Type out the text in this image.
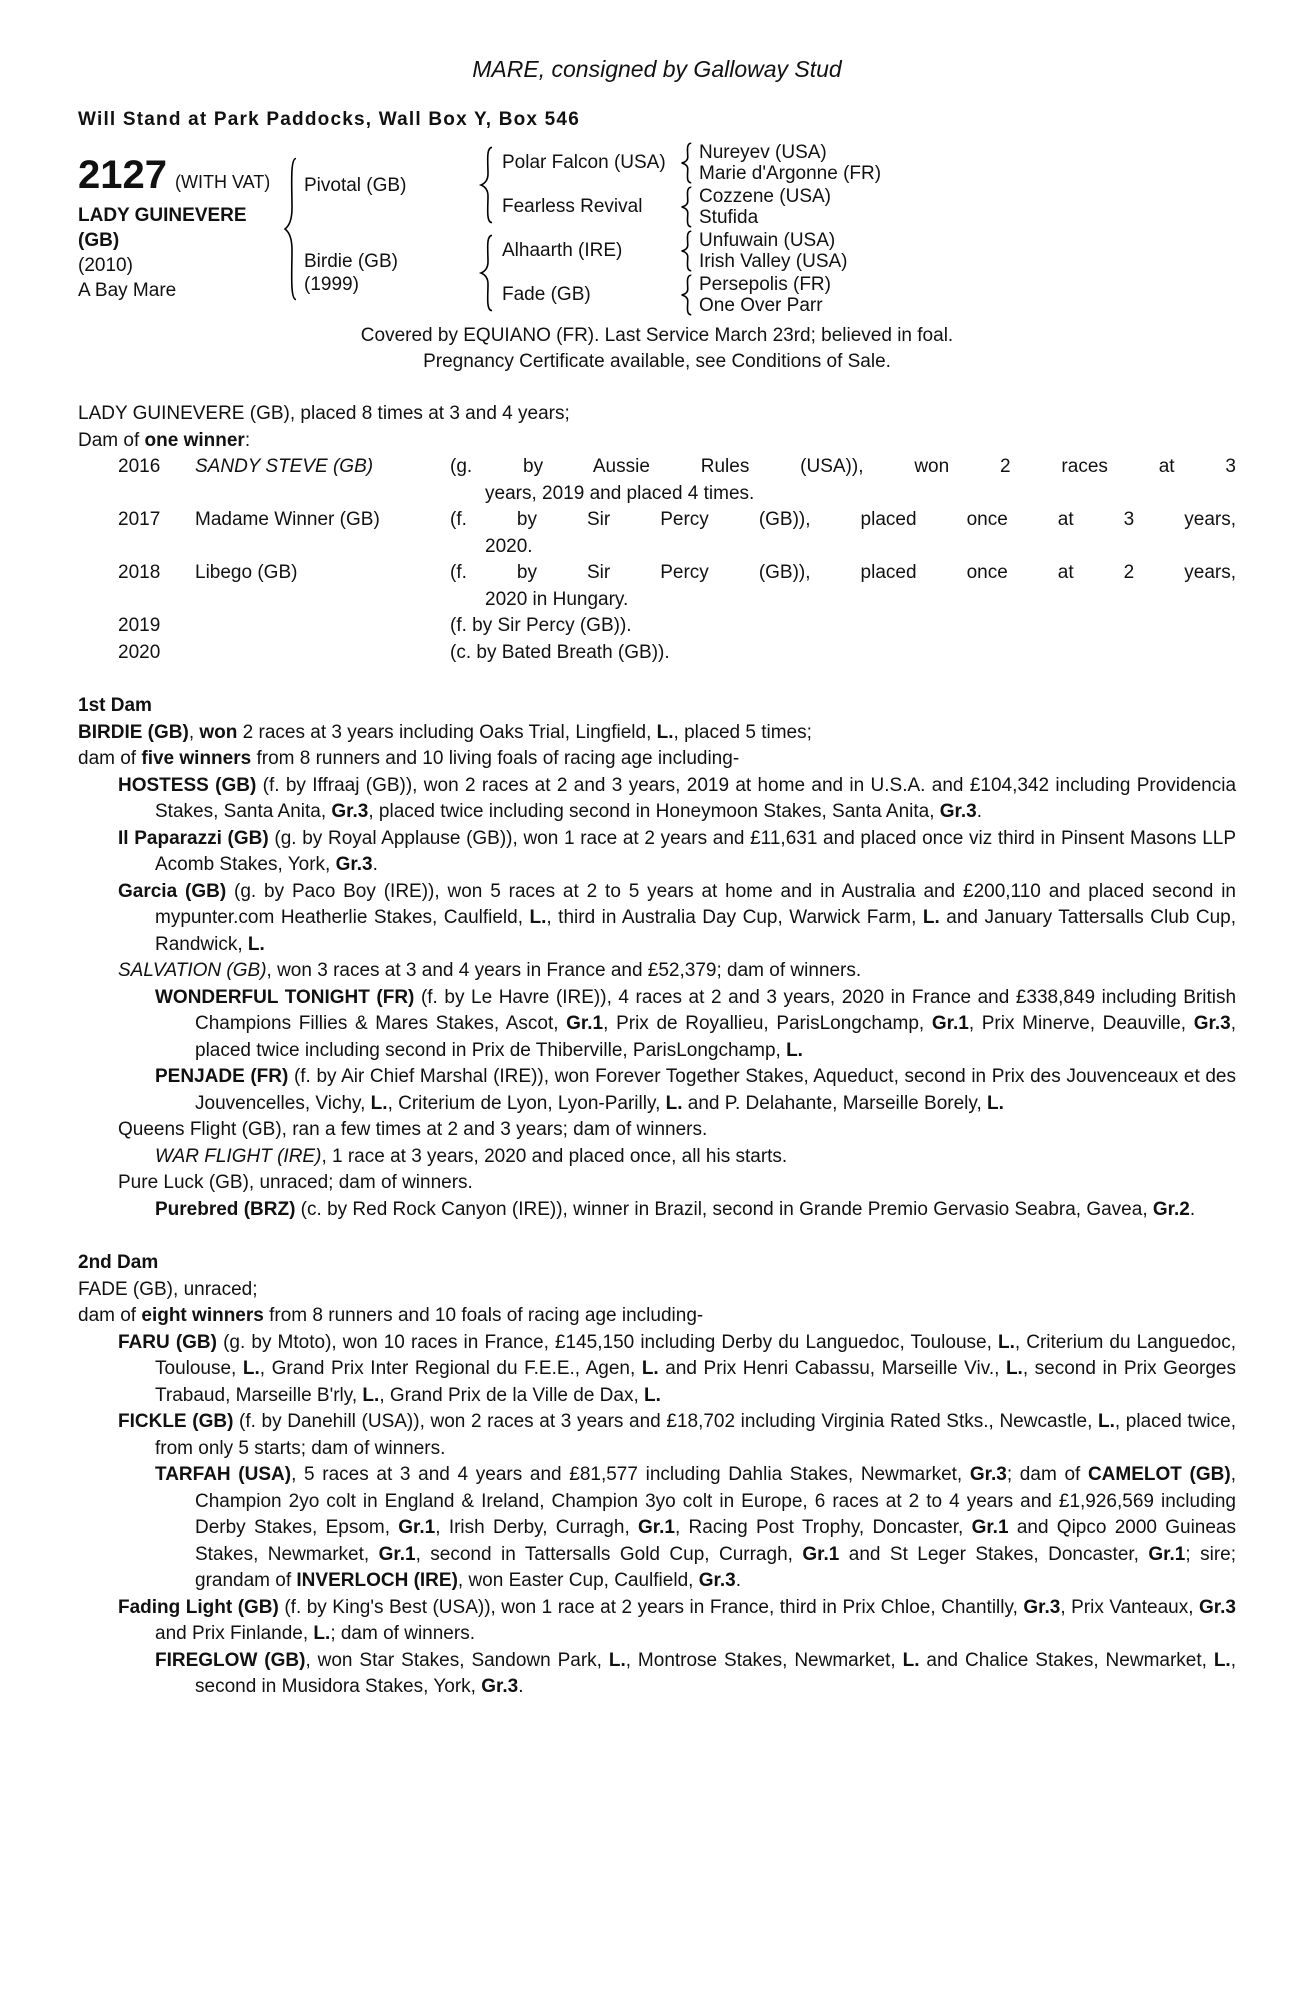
MARE, consigned by Galloway Stud
Will Stand at Park Paddocks, Wall Box Y, Box 546
2127 (WITH VAT)
LADY GUINEVERE
(GB)
(2010)
A Bay Mare
Pivotal (GB)
Polar Falcon (USA)	Nureyev (USA)
Marie d'Argonne (FR)
Fearless Revival	Cozzene (USA)
Stufida
Birdie (GB)
(1999)
Alhaarth (IRE)	Unfuwain (USA)
Irish Valley (USA)
Fade (GB)	Persepolis (FR)
One Over Parr
Covered by EQUIANO (FR). Last Service March 23rd; believed in foal.
Pregnancy Certificate available, see Conditions of Sale.
LADY GUINEVERE (GB), placed 8 times at 3 and 4 years;
Dam of one winner:
2016	SANDY STEVE (GB)	(g. by Aussie Rules (USA)), won 2 races at 3
years, 2019 and placed 4 times.
2017	Madame Winner (GB)	(f. by Sir Percy (GB)), placed once at 3 years,
2020.
2018	Libego (GB)	(f. by Sir Percy (GB)), placed once at 2 years,
2020 in Hungary.
2019	(f. by Sir Percy (GB)).
2020	(c. by Bated Breath (GB)).
1st Dam
BIRDIE (GB), won 2 races at 3 years including Oaks Trial, Lingfield, L., placed 5 times;
dam of five winners from 8 runners and 10 living foals of racing age including-
HOSTESS (GB) (f. by Iffraaj (GB)), won 2 races at 2 and 3 years, 2019 at home and in U.S.A. and £104,342 including Providencia Stakes, Santa Anita, Gr.3, placed twice including second in Honeymoon Stakes, Santa Anita, Gr.3.
Il Paparazzi (GB) (g. by Royal Applause (GB)), won 1 race at 2 years and £11,631 and placed once viz third in Pinsent Masons LLP Acomb Stakes, York, Gr.3.
Garcia (GB) (g. by Paco Boy (IRE)), won 5 races at 2 to 5 years at home and in Australia and £200,110 and placed second in mypunter.com Heatherlie Stakes, Caulfield, L., third in Australia Day Cup, Warwick Farm, L. and January Tattersalls Club Cup, Randwick, L.
SALVATION (GB), won 3 races at 3 and 4 years in France and £52,379; dam of winners.
WONDERFUL TONIGHT (FR) (f. by Le Havre (IRE)), 4 races at 2 and 3 years, 2020 in France and £338,849 including British Champions Fillies & Mares Stakes, Ascot, Gr.1, Prix de Royallieu, ParisLongchamp, Gr.1, Prix Minerve, Deauville, Gr.3, placed twice including second in Prix de Thiberville, ParisLongchamp, L.
PENJADE (FR) (f. by Air Chief Marshal (IRE)), won Forever Together Stakes, Aqueduct, second in Prix des Jouvenceaux et des Jouvencelles, Vichy, L., Criterium de Lyon, Lyon-Parilly, L. and P. Delahante, Marseille Borely, L.
Queens Flight (GB), ran a few times at 2 and 3 years; dam of winners.
WAR FLIGHT (IRE), 1 race at 3 years, 2020 and placed once, all his starts.
Pure Luck (GB), unraced; dam of winners.
Purebred (BRZ) (c. by Red Rock Canyon (IRE)), winner in Brazil, second in Grande Premio Gervasio Seabra, Gavea, Gr.2.
2nd Dam
FADE (GB), unraced;
dam of eight winners from 8 runners and 10 foals of racing age including-
FARU (GB) (g. by Mtoto), won 10 races in France, £145,150 including Derby du Languedoc, Toulouse, L., Criterium du Languedoc, Toulouse, L., Grand Prix Inter Regional du F.E.E., Agen, L. and Prix Henri Cabassu, Marseille Viv., L., second in Prix Georges Trabaud, Marseille B'rly, L., Grand Prix de la Ville de Dax, L.
FICKLE (GB) (f. by Danehill (USA)), won 2 races at 3 years and £18,702 including Virginia Rated Stks., Newcastle, L., placed twice, from only 5 starts; dam of winners.
TARFAH (USA), 5 races at 3 and 4 years and £81,577 including Dahlia Stakes, Newmarket, Gr.3; dam of CAMELOT (GB), Champion 2yo colt in England & Ireland, Champion 3yo colt in Europe, 6 races at 2 to 4 years and £1,926,569 including Derby Stakes, Epsom, Gr.1, Irish Derby, Curragh, Gr.1, Racing Post Trophy, Doncaster, Gr.1 and Qipco 2000 Guineas Stakes, Newmarket, Gr.1, second in Tattersalls Gold Cup, Curragh, Gr.1 and St Leger Stakes, Doncaster, Gr.1; sire; grandam of INVERLOCH (IRE), won Easter Cup, Caulfield, Gr.3.
Fading Light (GB) (f. by King's Best (USA)), won 1 race at 2 years in France, third in Prix Chloe, Chantilly, Gr.3, Prix Vanteaux, Gr.3 and Prix Finlande, L.; dam of winners.
FIREGLOW (GB), won Star Stakes, Sandown Park, L., Montrose Stakes, Newmarket, L. and Chalice Stakes, Newmarket, L., second in Musidora Stakes, York, Gr.3.
